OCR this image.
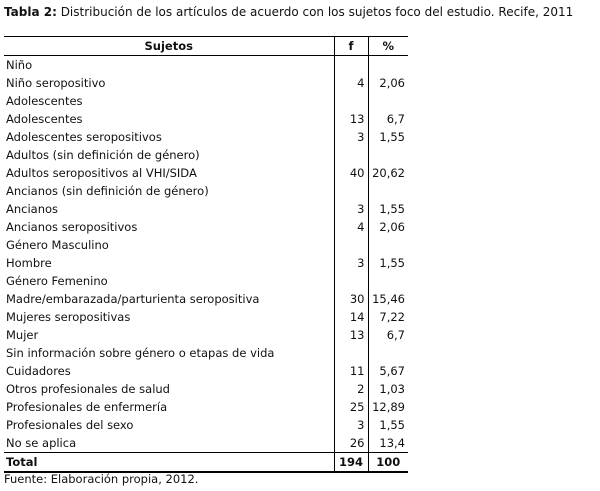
Tabla 2: Distribución de los artículos de acuerdo con los sujetos foco del estudio. Recife, 2011
Sujetos	f	%
Niño		
Niño seropositivo	4	2,06
Adolescentes		
Adolescentes	13	6,7
Adolescentes seropositivos	3	1,55
Adultos (sin definición de género)		
Adultos seropositivos al VHI/SIDA	40	20,62
Ancianos (sin definición de género)		
Ancianos	3	1,55
Ancianos seropositivos	4	2,06
Género Masculino		
Hombre	3	1,55
Género Femenino		
Madre/embarazada/parturienta seropositiva	30	15,46
Mujeres seropositivas	14	7,22
Mujer	13	6,7
Sin información sobre género o etapas de vida		
Cuidadores	11	5,67
Otros profesionales de salud	2	1,03
Profesionales de enfermería	25	12,89
Profesionales del sexo	3	1,55
No se aplica	26	13,4
Total	194	100
Fuente: Elaboración propia, 2012.
